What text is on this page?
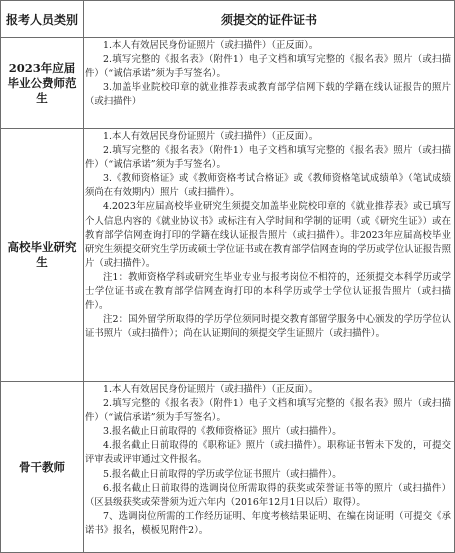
报考人员类别	须提交的证件证书
2023年应届毕业公费师范生

1.本人有效居民身份证照片（或扫描件）（正反面）。

2.填写完整的《报名表》（附件1）电子文档和填写完整的《报名表》照片（或扫描件）（“诚信承诺”须为手写签名）。

3.加盖毕业院校印章的就业推荐表或教育部学信网下载的学籍在线认证报告的照片（或扫描件）

高校毕业研究生

1.本人有效居民身份证照片（或扫描件）（正反面）。

2.填写完整的《报名表》（附件1）电子文档和填写完整的《报名表》照片（或扫描件）（“诚信承诺”须为手写签名）。

3.《教师资格证》或《教师资格考试合格证》或《教师资格笔试成绩单》（笔试成绩须尚在有效期内）照片（或扫描件）。

4.2023年应届高校毕业研究生须提交加盖毕业院校印章的《就业推荐表》或已填写个人信息内容的《就业协议书》或标注有入学时间和学制的证明（或《研究生证》）或在教育部学信网查询打印的学籍在线认证报告照片（或扫描件）。非2023年应届高校毕业研究生须提交研究生学历或硕士学位证书或在教育部学信网查询的学历或学位认证报告照片（或扫描件）。

注1：教师资格学科或研究生毕业专业与报考岗位不相符的，还须提交本科学历或学士学位证书或在教育部学信网查询打印的本科学历或学士学位认证报告照片（或扫描件）。

注2：国外留学所取得的学历学位须同时提交教育部留学服务中心颁发的学历学位认证书照片（或扫描件）；尚在认证期间的须提交学生证照片（或扫描件）。

骨干教师

1.本人有效居民身份证照片（或扫描件）（正反面）。

2.填写完整的《报名表》（附件1）电子文档和填写完整的《报名表》照片（或扫描件）（“诚信承诺”须为手写签名）。

3.报名截止日前取得的《教师资格证》照片（或扫描件）。

4.报名截止日前取得的《职称证》照片（或扫描件）。职称证书暂未下发的，可提交评审表或评审通过文件报名。

5.报名截止日前取得的学历或学位证书照片（或扫描件）。

6.报名截止日前取得的选调岗位所需取得的获奖或荣誉证书等的照片（或扫描件）（区县级获奖或荣誉须为近六年内（2016年12月1日以后）取得）。

7、选调岗位所需的工作经历证明、年度考核结果证明、在编在岗证明（可提交《承诺书》报名，模板见附件2）。
